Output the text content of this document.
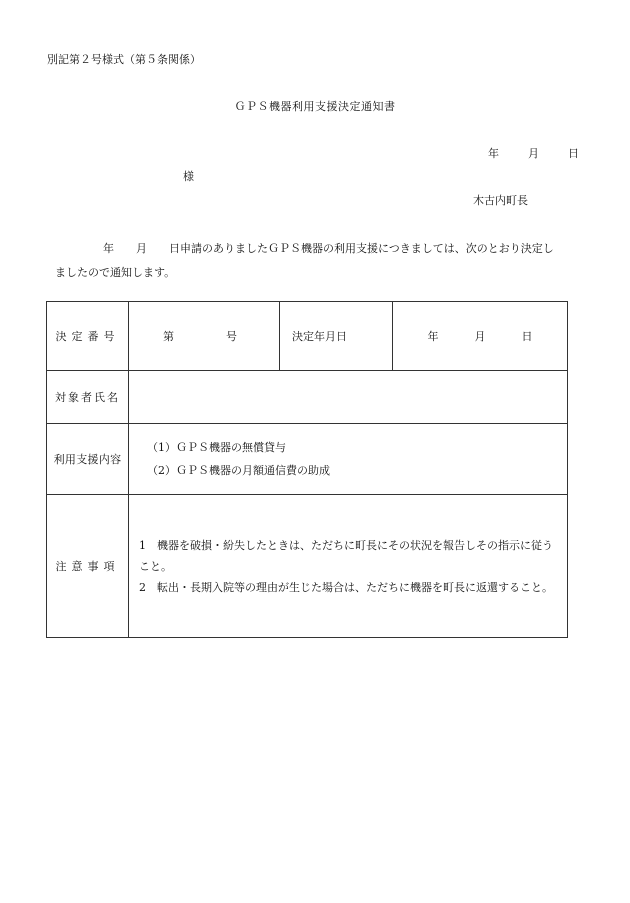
別記第２号様式（第５条関係）
ＧＰＳ機器利用支援決定通知書
年	月	日
様
木古内町長
年　　月　　日申請のありましたＧＰＳ機器の利用支援につきましては、次のとおり決定し
ましたので通知します。
決定番号	第 号	決定年月日	年 月 日
対象者氏名			
利用支援内容	（1）ＧＰＳ機器の無償貸与
（2）ＧＰＳ機器の月額通信費の助成		

注意事項	1　機器を破損・紛失したときは、ただちに町長にその状況を報告しその指示に従うこと。
2　転出・長期入院等の理由が生じた場合は、ただちに機器を町長に返還すること。		
